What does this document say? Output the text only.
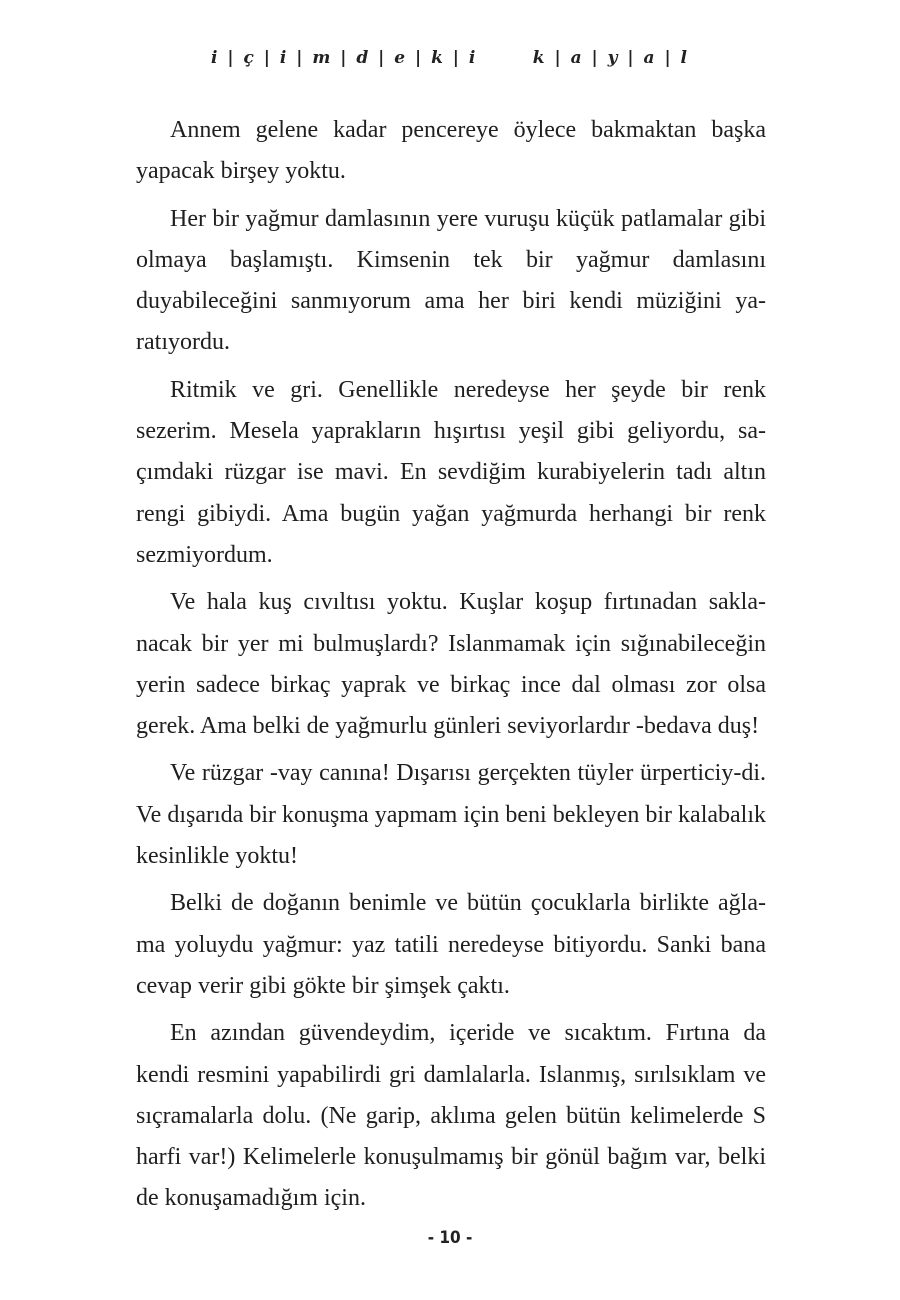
i | ç | i | m | d | e | k | i       k | a | y | a | l

Annem gelene kadar pencereye öylece bakmaktan başka yapacak birşey yoktu.

Her bir yağmur damlasının yere vuruşu küçük patlamalar gibi olmaya başlamıştı. Kimsenin tek bir yağmur damlasını duyabileceğini sanmıyorum ama her biri kendi müziğini ya-ratıyordu.

Ritmik ve gri. Genellikle neredeyse her şeyde bir renk sezerim. Mesela yaprakların hışırtısı yeşil gibi geliyordu, sa-çımdaki rüzgar ise mavi. En sevdiğim kurabiyelerin tadı altın rengi gibiydi. Ama bugün yağan yağmurda herhangi bir renk sezmiyordum.

Ve hala kuş cıvıltısı yoktu. Kuşlar koşup fırtınadan sakla-nacak bir yer mi bulmuşlardı? Islanmamak için sığınabileceğin yerin sadece birkaç yaprak ve birkaç ince dal olması zor olsa gerek. Ama belki de yağmurlu günleri seviyorlardır -bedava duş!

Ve rüzgar -vay canına! Dışarısı gerçekten tüyler ürperticiy-di. Ve dışarıda bir konuşma yapmam için beni bekleyen bir kalabalık kesinlikle yoktu!

Belki de doğanın benimle ve bütün çocuklarla birlikte ağla-ma yoluydu yağmur: yaz tatili neredeyse bitiyordu. Sanki bana cevap verir gibi gökte bir şimşek çaktı.

En azından güvendeydim, içeride ve sıcaktım. Fırtına da kendi resmini yapabilirdi gri damlalarla. Islanmış, sırılsıklam ve sıçramalarla dolu. (Ne garip, aklıma gelen bütün kelimelerde S harfi var!) Kelimelerle konuşulmamış bir gönül bağım var, belki de konuşamadığım için.

- 10 -
